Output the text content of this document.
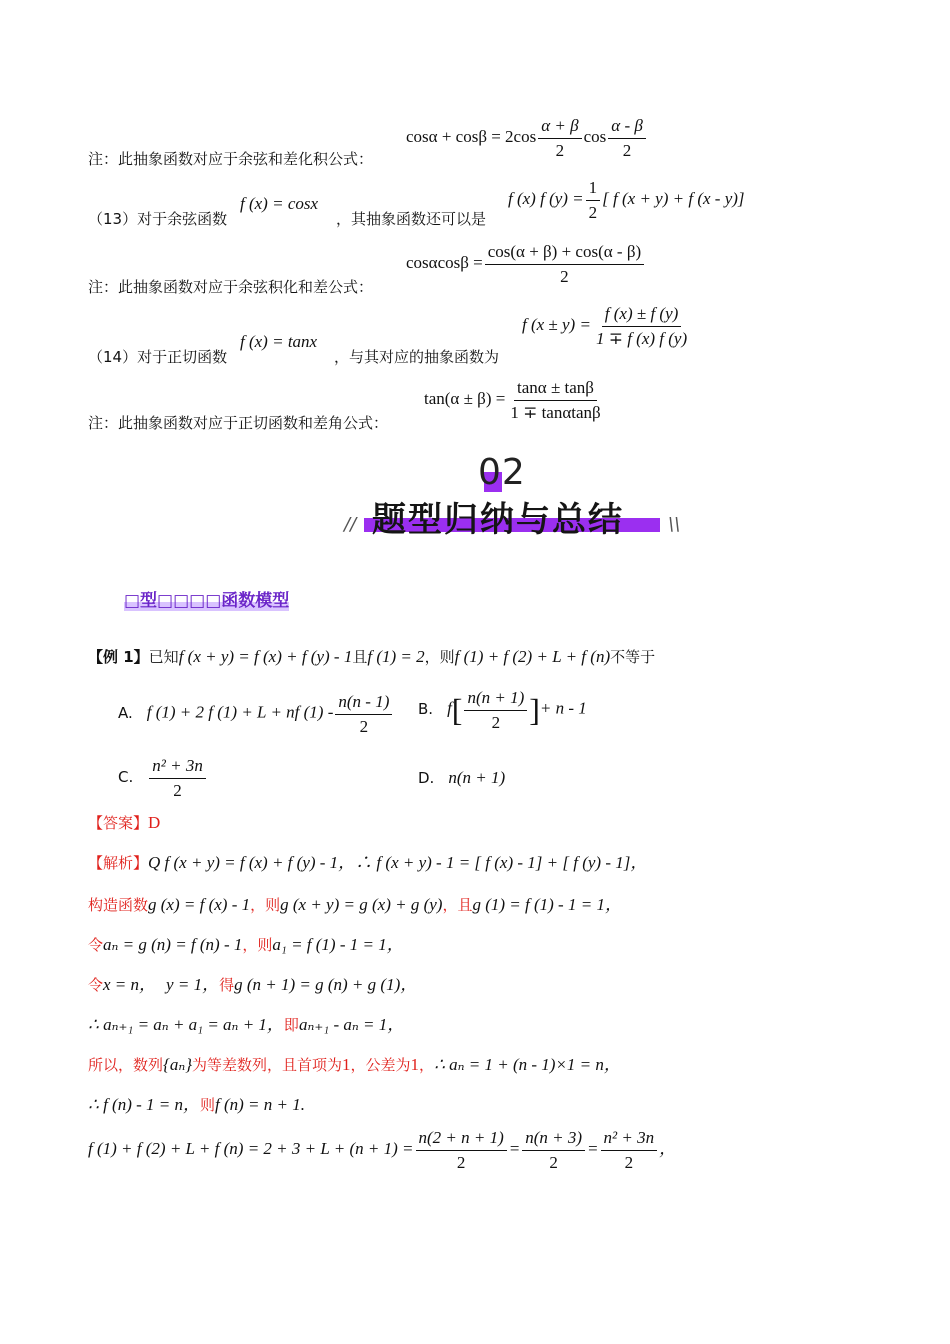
注：此抽象函数对应于余弦和差化积公式：
$\cos\alpha + \cos\beta = 2\cos \frac{\alpha + \beta}{2}$ $\cos \frac{\alpha - \beta}{2}$
（13）对于余弦函数
f (x) = cosx
，其抽象函数还可以是
f (x) f $(y) = \frac{1}{2}$ [ f (x + y) + f (x - y)]
注：此抽象函数对应于余弦积化和差公式：
$\cos\alpha\cos\beta = \frac{\cos(\alpha + \beta) + \cos(\alpha - \beta)}{2}$
（14）对于正切函数
f (x) = tanx
，与其对应的抽象函数为
f $(x \pm y) = \frac{f (x) \pm f (y)}{1 \mp f (x) f (y)}$
注：此抽象函数对应于正切函数和差角公式：
$\tan(\alpha \pm \beta) = \frac{\tan\alpha \pm \tan\beta}{1 \mp \tan\alpha\tan\beta}$
02
// 题型归纳与总结 \\
□型□□□□函数模型
【例 1】已知f (x + y) = f (x) + f (y) - 1且f (1) = 2，则f (1) + f (2) + L + f (n)不等于
A. f (1) + 2 f (1) + L + nf $(1) - \frac{n(n - 1)}{2} B$. $f[ \frac{n(n + 1)}{2}$ ]+ n - 1
C. $\frac{\text{n² + 3n}}{2}$	D. n(n + 1)
【答案】D
【解析】Q f (x + y) = f (x) + f (y) - 1，∴ f (x + y) - 1 = [ f (x) - 1] + [ f (y) - 1]，
构造函数g (x) = f (x) - 1，则g (x + y) = g (x) + g (y)，且g (1) = f (1) - 1 = 1，
令aₙ = g (n) = f (n) - 1，则a₁ = f (1) - 1 = 1，
令x = n， y = 1，得g (n + 1) = g (n) + g (1)，
∴ aₙ₊₁ = aₙ + a₁ = aₙ + 1，即aₙ₊₁ - aₙ = 1，
所以，数列{aₙ}为等差数列，且首项为1，公差为1，∴ aₙ = 1 + (n - 1)×1 = n，
∴ f (n) - 1 = n，则f (n) = n + 1.
f (1) + f (2) + L + f $(n) = 2 + 3 + L + (n + 1) = \frac{n(2 + n + 1)}{2} = \frac{n(n + 3)}{2} = \frac{\text{n² + 3n}}{2}$ ，
